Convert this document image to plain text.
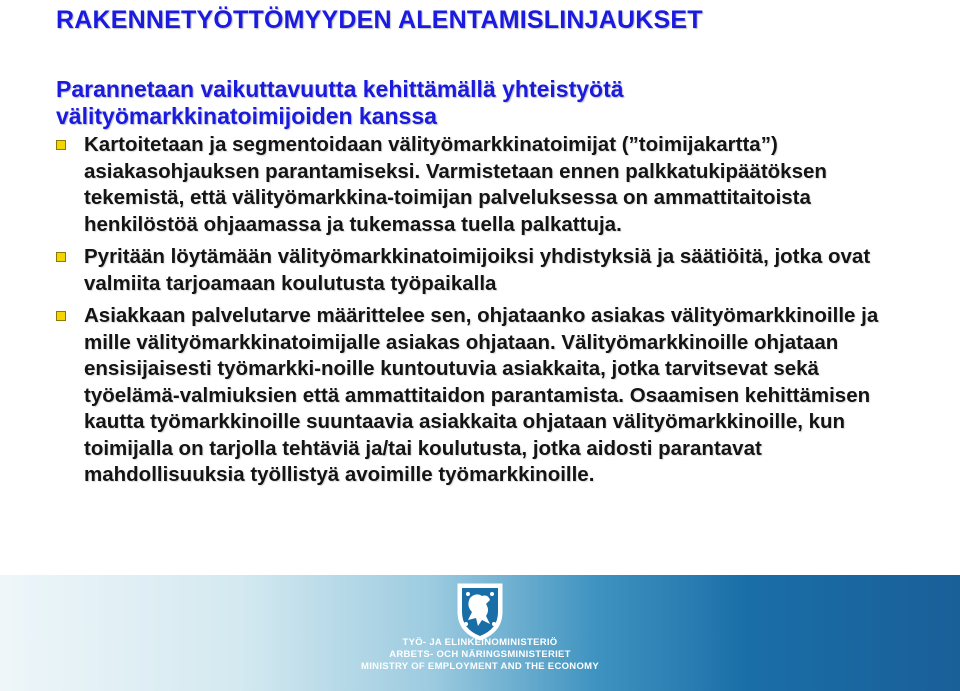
RAKENNETYÖTTÖMYYDEN ALENTAMISLINJAUKSET
Parannetaan vaikuttavuutta kehittämällä yhteistyötä välityömarkkinatoimijoiden kanssa
Kartoitetaan ja segmentoidaan välityömarkkinatoimijat (”toimijakartta”) asiakasohjauksen parantamiseksi. Varmistetaan ennen palkkatukipäätöksen tekemistä, että välityömarkkina-toimijan palveluksessa on ammattitaitoista henkilöstöä ohjaamassa ja tukemassa tuella palkattuja.
Pyritään löytämään välityömarkkinatoimijoiksi yhdistyksiä ja säätiöitä, jotka ovat valmiita tarjoamaan koulutusta työpaikalla
Asiakkaan palvelutarve määrittelee sen, ohjataanko asiakas välityömarkkinoille ja mille välityömarkkinatoimijalle asiakas ohjataan. Välityömarkkinoille ohjataan ensisijaisesti työmarkki-noille kuntoutuvia asiakkaita, jotka tarvitsevat sekä työelämä-valmiuksien että ammattitaidon parantamista. Osaamisen kehittämisen kautta työmarkkinoille suuntaavia asiakkaita ohjataan välityömarkkinoille, kun toimijalla on tarjolla tehtäviä ja/tai koulutusta, jotka aidosti parantavat mahdollisuuksia työllistyä avoimille työmarkkinoille.
TYÖ- JA ELINKEINOMINISTERIÖ
ARBETS- OCH NÄRINGSMINISTERIET
MINISTRY OF EMPLOYMENT AND THE ECONOMY
